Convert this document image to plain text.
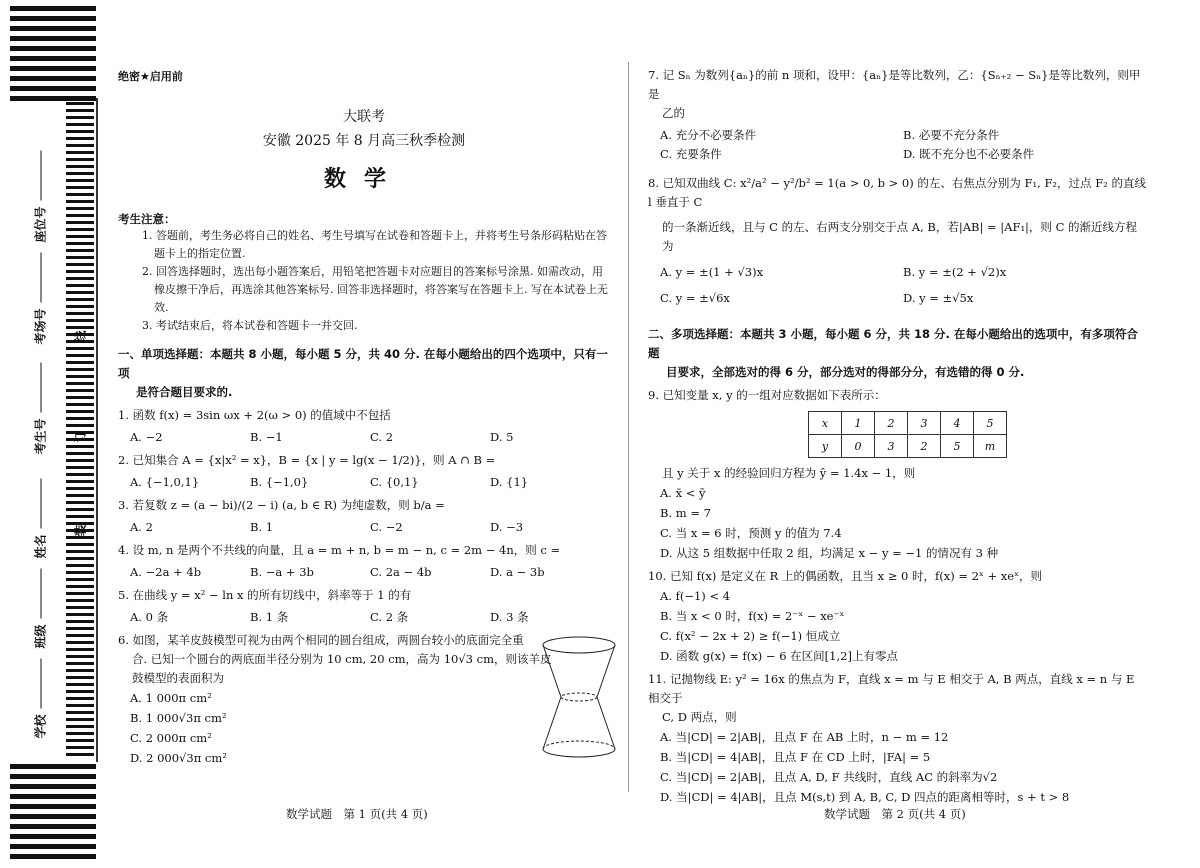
座位号
考场号
考生号
姓名
班级
学校
线
订
装
绝密★启用前
大联考
安徽 2025 年 8 月高三秋季检测
数学
考生注意：
1. 答题前，考生务必将自己的姓名、考生号填写在试卷和答题卡上，并将考生号条形码粘贴在答题卡上的指定位置.
2. 回答选择题时，选出每小题答案后，用铅笔把答题卡对应题目的答案标号涂黑. 如需改动，用橡皮擦干净后，再选涂其他答案标号. 回答非选择题时，将答案写在答题卡上. 写在本试卷上无效.
3. 考试结束后，将本试卷和答题卡一并交回.
一、单项选择题：本题共 8 小题，每小题 5 分，共 40 分. 在每小题给出的四个选项中，只有一项
是符合题目要求的.
1. 函数 f(x) = 3sin ωx + 2(ω > 0) 的值域中不包括
A. −2	B. −1	C. 2	D. 5
2. 已知集合 A = {x|x² = x}，B = {x | y = lg(x − 1/2)}，则 A ∩ B =
A. {−1,0,1}	B. {−1,0}	C. {0,1}	D. {1}
3. 若复数 z = (a − bi)/(2 − i) (a, b ∈ R) 为纯虚数，则 b/a =
A. 2	B. 1	C. −2	D. −3
4. 设 m, n 是两个不共线的向量，且 a = m + n, b = m − n, c = 2m − 4n，则 c =
A. −2a + 4b	B. −a + 3b	C. 2a − 4b	D. a − 3b
5. 在曲线 y = x² − ln x 的所有切线中，斜率等于 1 的有
A. 0 条	B. 1 条	C. 2 条	D. 3 条
6. 如图，某羊皮鼓模型可视为由两个相同的圆台组成，两圆台较小的底面完全重
合. 已知一个圆台的两底面半径分别为 10 cm, 20 cm，高为 10√3 cm，则该羊皮
鼓模型的表面积为
A. 1 000π cm²
B. 1 000√3π cm²
C. 2 000π cm²
D. 2 000√3π cm²
7. 记 Sₙ 为数列{aₙ}的前 n 项和，设甲：{aₙ}是等比数列，乙：{Sₙ₊₂ − Sₙ}是等比数列，则甲是
乙的
A. 充分不必要条件	B. 必要不充分条件
C. 充要条件	D. 既不充分也不必要条件
8. 已知双曲线 C: x²/a² − y²/b² = 1(a > 0, b > 0) 的左、右焦点分别为 F₁, F₂，过点 F₂ 的直线 l 垂直于 C
的一条渐近线，且与 C 的左、右两支分别交于点 A, B，若|AB| = |AF₁|，则 C 的渐近线方程为
A. y = ±(1 + √3)x	B. y = ±(2 + √2)x
C. y = ±√6x	D. y = ±√5x
二、多项选择题：本题共 3 小题，每小题 6 分，共 18 分. 在每小题给出的选项中，有多项符合题
目要求，全部选对的得 6 分，部分选对的得部分分，有选错的得 0 分.
9. 已知变量 x, y 的一组对应数据如下表所示：
x	1	2	3	4	5
y	0	3	2	5	m
且 y 关于 x 的经验回归方程为 ŷ = 1.4x − 1，则
A. x̄ < ȳ
B. m = 7
C. 当 x = 6 时，预测 y 的值为 7.4
D. 从这 5 组数据中任取 2 组，均满足 x − y = −1 的情况有 3 种
10. 已知 f(x) 是定义在 R 上的偶函数，且当 x ≥ 0 时，f(x) = 2ˣ + xeˣ，则
A. f(−1) < 4
B. 当 x < 0 时，f(x) = 2⁻ˣ − xe⁻ˣ
C. f(x² − 2x + 2) ≥ f(−1) 恒成立
D. 函数 g(x) = f(x) − 6 在区间[1,2]上有零点
11. 记抛物线 E: y² = 16x 的焦点为 F，直线 x = m 与 E 相交于 A, B 两点，直线 x = n 与 E 相交于
C, D 两点，则
A. 当|CD| = 2|AB|，且点 F 在 AB 上时，n − m = 12
B. 当|CD| = 4|AB|，且点 F 在 CD 上时，|FA| = 5
C. 当|CD| = 2|AB|，且点 A, D, F 共线时，直线 AC 的斜率为√2
D. 当|CD| = 4|AB|，且点 M(s,t) 到 A, B, C, D 四点的距离相等时，s + t > 8
数学试题　第 1 页(共 4 页)	数学试题　第 2 页(共 4 页)
